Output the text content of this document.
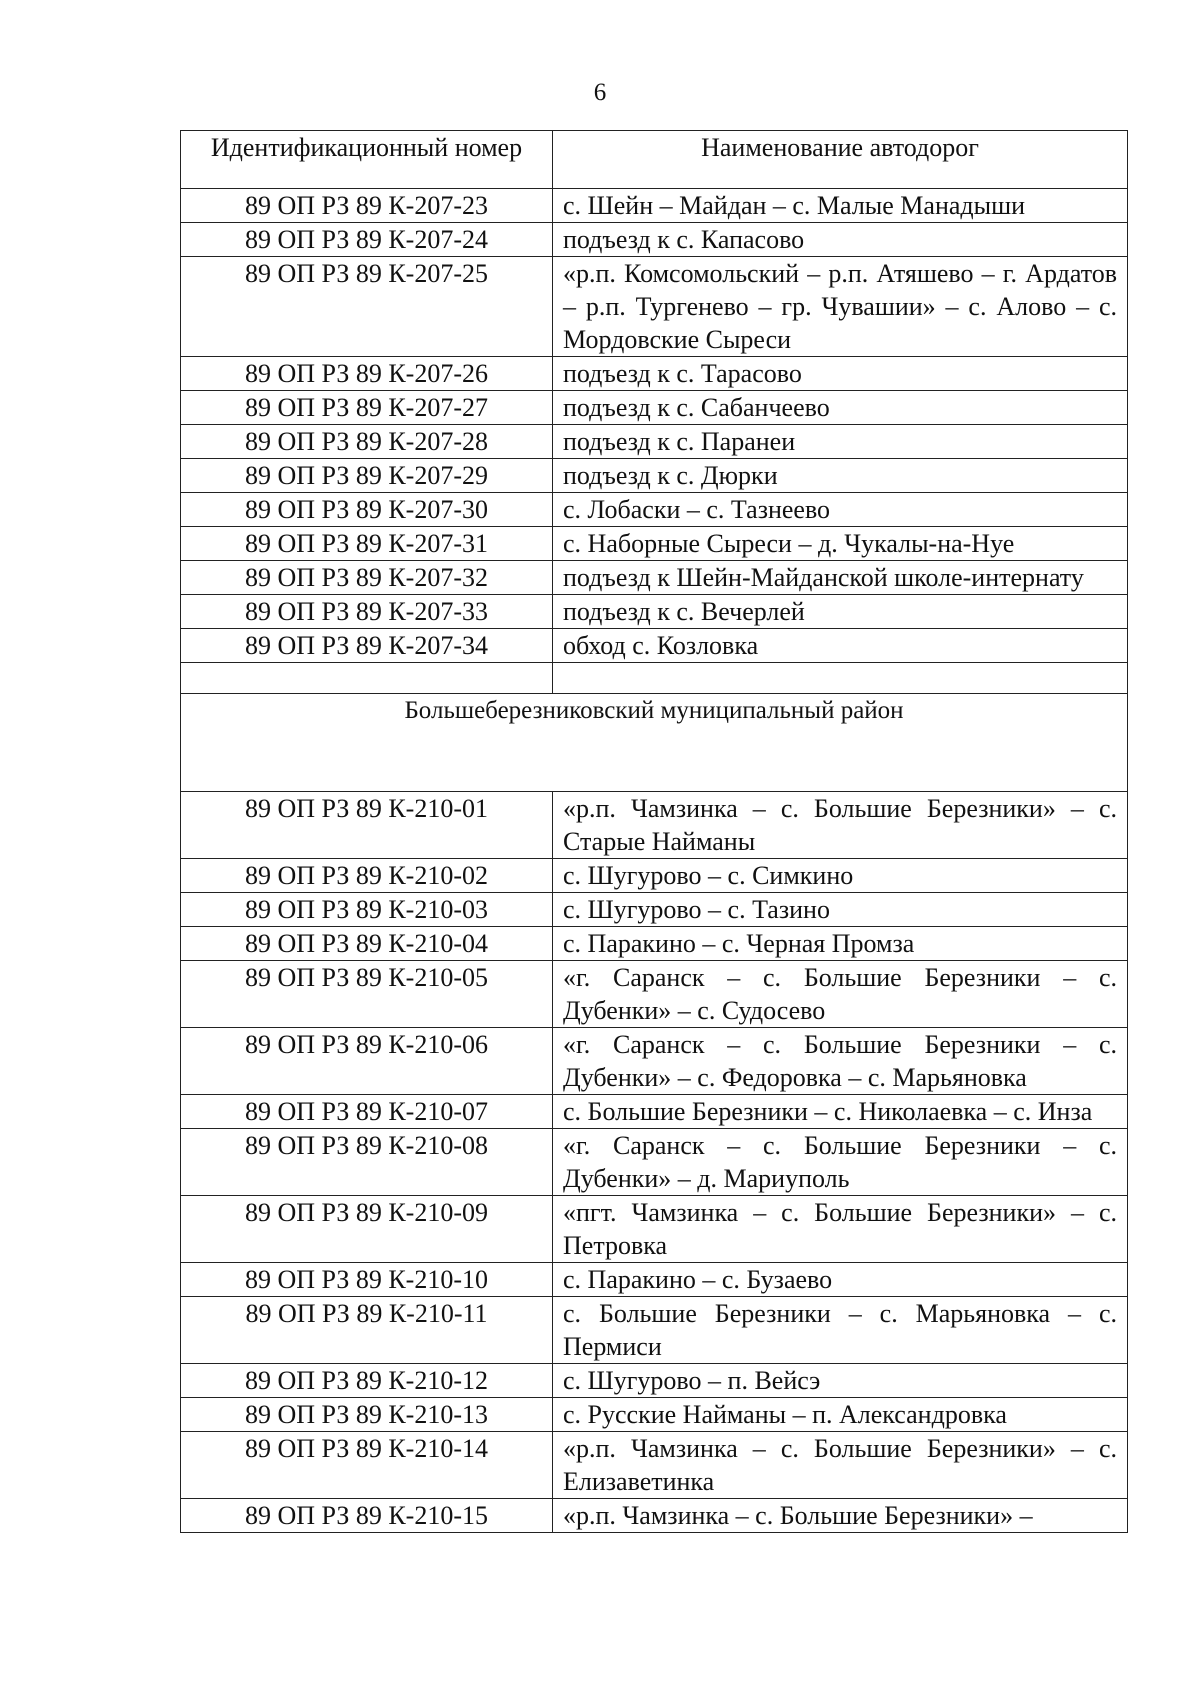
6
Идентификационный номер	Наименование автодорог
89 ОП РЗ 89 К-207-23	с. Шейн – Майдан – с. Малые Манадыши
89 ОП РЗ 89 К-207-24	подъезд к с. Капасово
89 ОП РЗ 89 К-207-25	«р.п. Комсомольский – р.п. Атяшево – г. Ардатов – р.п. Тургенево – гр. Чувашии» – с. Алово – с. Мордовские Сыреси
89 ОП РЗ 89 К-207-26	подъезд к с. Тарасово
89 ОП РЗ 89 К-207-27	подъезд к с. Сабанчеево
89 ОП РЗ 89 К-207-28	подъезд к с. Паранеи
89 ОП РЗ 89 К-207-29	подъезд к с. Дюрки
89 ОП РЗ 89 К-207-30	с. Лобаски – с. Тазнеево
89 ОП РЗ 89 К-207-31	с. Наборные Сыреси – д. Чукалы-на-Нуе
89 ОП РЗ 89 К-207-32	подъезд к Шейн-Майданской школе-интернату
89 ОП РЗ 89 К-207-33	подъезд к с. Вечерлей
89 ОП РЗ 89 К-207-34	обход с. Козловка

Большеберезниковский муниципальный район	
89 ОП РЗ 89 К-210-01	«р.п. Чамзинка – с. Большие Березники» – с. Старые Найманы
89 ОП РЗ 89 К-210-02	с. Шугурово – с. Симкино
89 ОП РЗ 89 К-210-03	с. Шугурово – с. Тазино
89 ОП РЗ 89 К-210-04	с. Паракино – с. Черная Промза
89 ОП РЗ 89 К-210-05	«г. Саранск – с. Большие Березники – с. Дубенки» – с. Судосево
89 ОП РЗ 89 К-210-06	«г. Саранск – с. Большие Березники – с. Дубенки» – с. Федоровка – с. Марьяновка
89 ОП РЗ 89 К-210-07	с. Большие Березники – с. Николаевка – с. Инза
89 ОП РЗ 89 К-210-08	«г. Саранск – с. Большие Березники – с. Дубенки» – д. Мариуполь
89 ОП РЗ 89 К-210-09	«пгт. Чамзинка – с. Большие Березники» – с. Петровка
89 ОП РЗ 89 К-210-10	с. Паракино – с. Бузаево
89 ОП РЗ 89 К-210-11	с. Большие Березники – с. Марьяновка – с. Пермиси
89 ОП РЗ 89 К-210-12	с. Шугурово – п. Вейсэ
89 ОП РЗ 89 К-210-13	с. Русские Найманы – п. Александровка
89 ОП РЗ 89 К-210-14	«р.п. Чамзинка – с. Большие Березники» – с. Елизаветинка
89 ОП РЗ 89 К-210-15	«р.п. Чамзинка – с. Большие Березники» –
